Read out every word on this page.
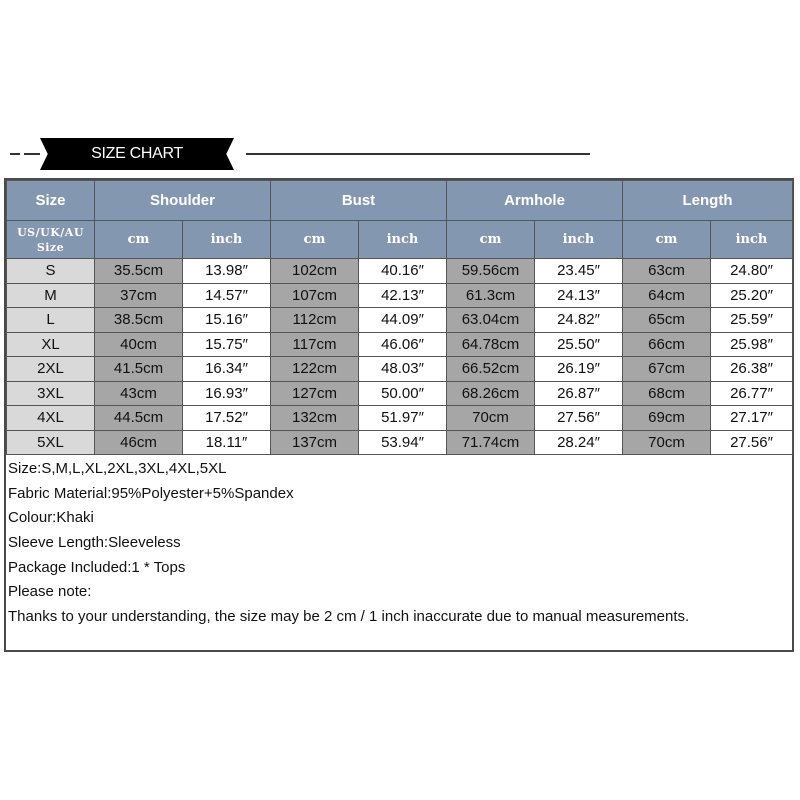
SIZE CHART
Size	Shoulder		Bust		Armhole		Length	
US/UK/AU
Size	cm	inch	cm	inch	cm	inch	cm	inch
S	35.5cm	13.98″	102cm	40.16″	59.56cm	23.45″	63cm	24.80″
M	37cm	14.57″	107cm	42.13″	61.3cm	24.13″	64cm	25.20″
L	38.5cm	15.16″	112cm	44.09″	63.04cm	24.82″	65cm	25.59″
XL	40cm	15.75″	117cm	46.06″	64.78cm	25.50″	66cm	25.98″
2XL	41.5cm	16.34″	122cm	48.03″	66.52cm	26.19″	67cm	26.38″
3XL	43cm	16.93″	127cm	50.00″	68.26cm	26.87″	68cm	26.77″
4XL	44.5cm	17.52″	132cm	51.97″	70cm	27.56″	69cm	27.17″
5XL	46cm	18.11″	137cm	53.94″	71.74cm	28.24″	70cm	27.56″
Size:S,M,L,XL,2XL,3XL,4XL,5XL
Fabric Material:95%Polyester+5%Spandex
Colour:Khaki
Sleeve Length:Sleeveless
Package Included:1 * Tops
Please note:
Thanks to your understanding, the size may be 2 cm / 1 inch inaccurate due to manual measurements.
